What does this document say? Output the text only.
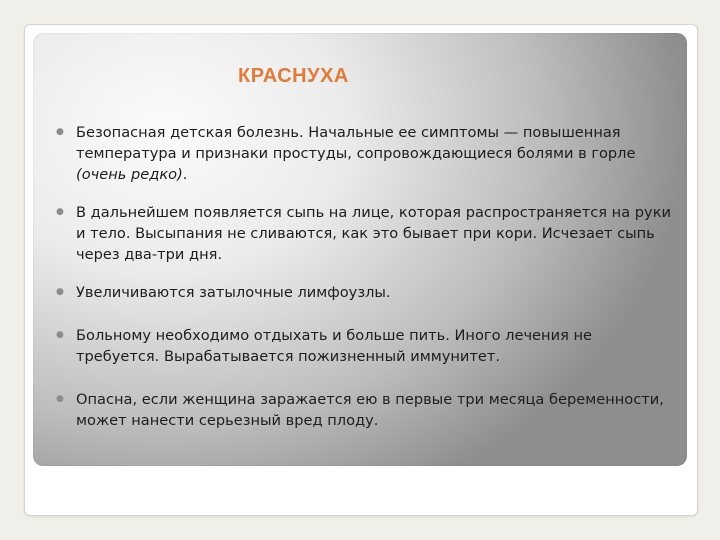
КРАСНУХА
● Безопасная детская болезнь. Начальные ее симптомы — повышенная температура и признаки простуды, сопровождающиеся болями в горле (очень редко).
● В дальнейшем появляется сыпь на лице, которая распространяется на руки и тело. Высыпания не сливаются, как это бывает при кори. Исчезает сыпь через два-три дня.
● Увеличиваются затылочные лимфоузлы.
● Больному необходимо отдыхать и больше пить. Иного лечения не требуется. Вырабатывается пожизненный иммунитет.
● Опасна, если женщина заражается ею в первые три месяца беременности, может нанести серьезный вред плоду.
